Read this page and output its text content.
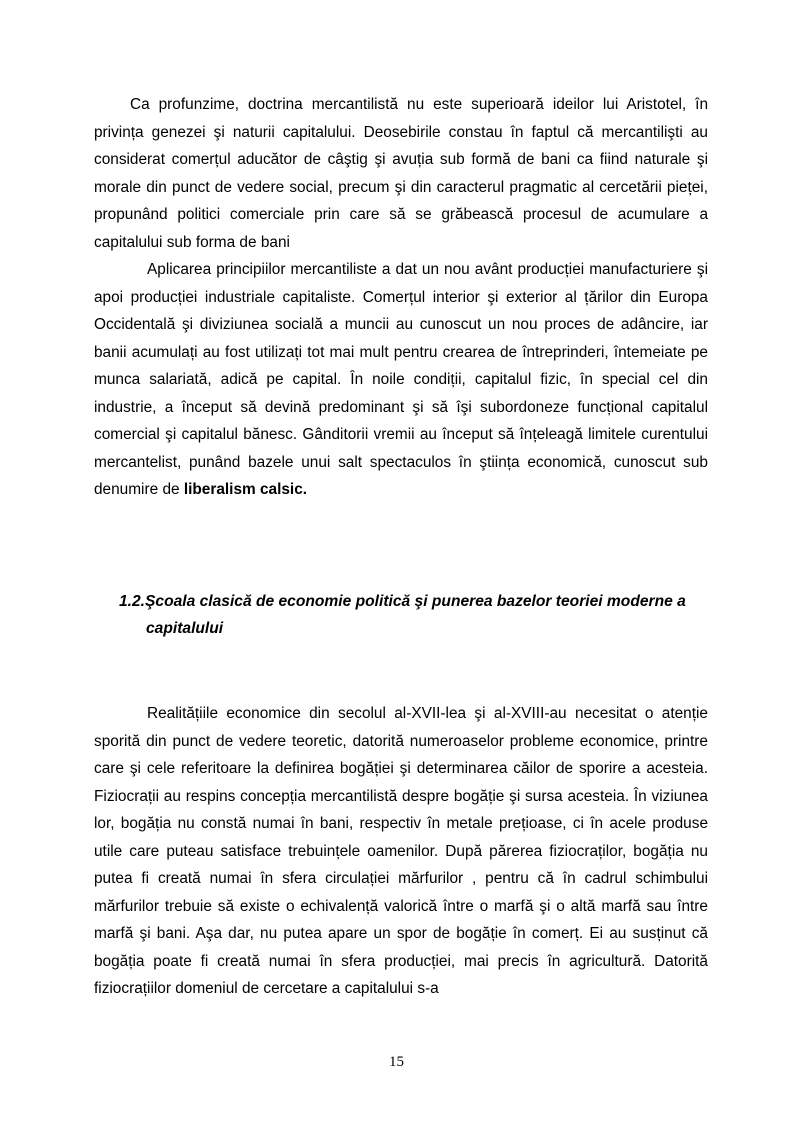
Ca profunzime, doctrina mercantilistă nu este superioară ideilor lui Aristotel, în privința genezei şi naturii capitalului. Deosebirile constau în faptul că mercantilişti au considerat comerțul aducător de câştig şi avuția sub formă de bani ca fiind naturale şi morale din punct de vedere social, precum şi din caracterul pragmatic al cercetării pieței, propunând politici comerciale prin care să se grăbească procesul de acumulare a capitalului sub forma de bani

Aplicarea principiilor mercantiliste a dat un nou avânt producției manufacturiere şi apoi producției industriale capitaliste. Comerțul interior şi exterior al țărilor din Europa Occidentală şi diviziunea socială a muncii au cunoscut un nou proces de adâncire, iar banii acumulați au fost utilizați tot mai mult pentru crearea de întreprinderi, întemeiate pe munca salariată, adică pe capital. În noile condiții, capitalul fizic, în special cel din industrie, a început să devină predominant şi să îşi subordoneze funcțional capitalul comercial şi capitalul bănesc. Gânditorii vremii au început să înțeleagă limitele curentului mercantelist, punând bazele unui salt spectaculos în ştiința economică, cunoscut sub denumire de liberalism calsic.

1.2.Şcoala clasică de economie politică şi punerea bazelor teoriei moderne a
capitalului

Realitățiile economice din secolul al-XVII-lea şi al-XVIII-au necesitat o atenție sporită din punct de vedere teoretic, datorită numeroaselor probleme economice, printre care şi cele referitoare la definirea bogăției şi determinarea căilor de sporire a acesteia. Fiziocrații au respins concepția mercantilistă despre bogăție şi sursa acesteia. În viziunea lor, bogăția nu constă numai în bani, respectiv în metale prețioase, ci în acele produse utile care puteau satisface trebuințele oamenilor. După părerea fiziocraților, bogăția nu putea fi creată numai în sfera circulației mărfurilor , pentru că în cadrul schimbului mărfurilor trebuie să existe o echivalență valorică între o marfă şi o altă marfă sau între marfă şi bani. Aşa dar, nu putea apare un spor de bogăție în comerț. Ei au susținut că bogăția poate fi creată numai în sfera producției, mai precis în agricultură. Datorită fiziocrațiilor domeniul de cercetare a capitalului s-a

15
